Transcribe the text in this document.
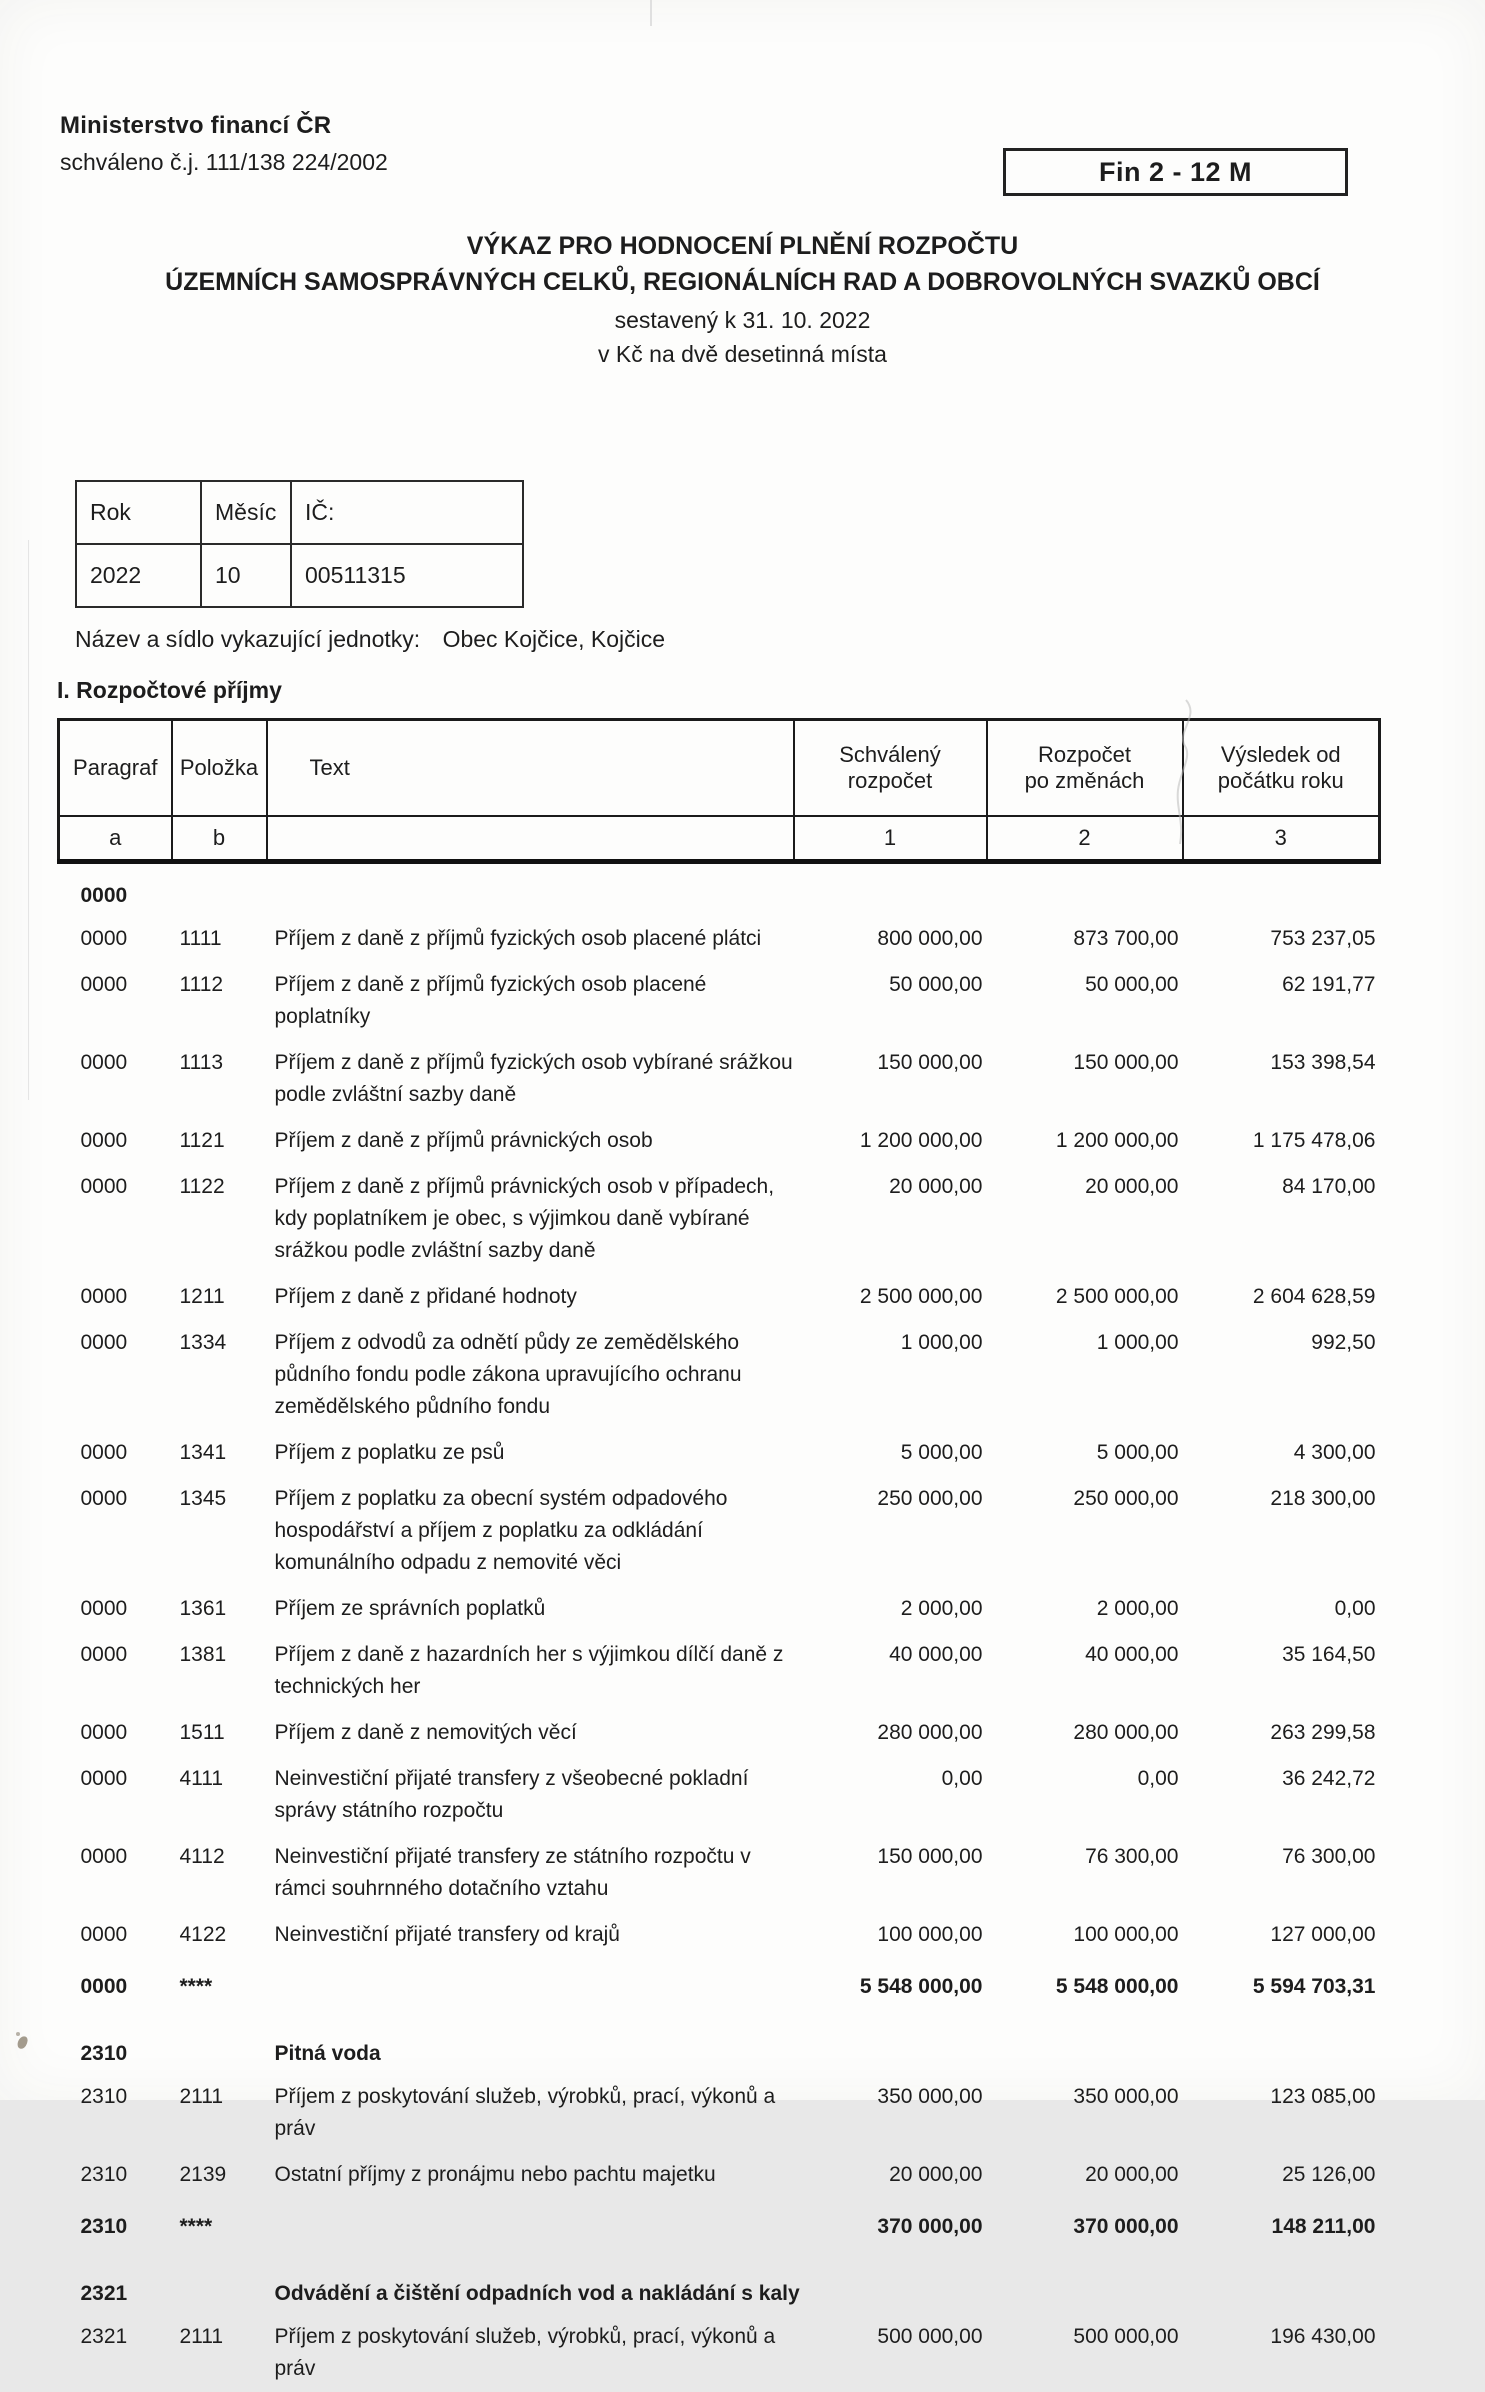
Ministerstvo financí ČR
schváleno č.j. 111/138 224/2002	Fin 2 - 12 M
VÝKAZ PRO HODNOCENÍ PLNĚNÍ ROZPOČTU
ÚZEMNÍCH SAMOSPRÁVNÝCH CELKŮ, REGIONÁLNÍCH RAD A DOBROVOLNÝCH SVAZKŮ OBCÍ
sestavený k 31. 10. 2022
v Kč na dvě desetinná místa
Rok	Měsíc	IČ:
2022	10	00511315
Název a sídlo vykazující jednotky: Obec Kojčice, Kojčice
I. Rozpočtové příjmy
Paragraf	Položka	Text	Schválený
rozpočet	Rozpočet
po změnách	Výsledek od
počátku roku
a	b		1	2	3
0000					
0000	1111	Příjem z daně z příjmů fyzických osob placené plátci	800 000,00	873 700,00	753 237,05
0000	1112	Příjem z daně z příjmů fyzických osob placené poplatníky	50 000,00	50 000,00	62 191,77
0000	1113	Příjem z daně z příjmů fyzických osob vybírané srážkou podle zvláštní sazby daně	150 000,00	150 000,00	153 398,54
0000	1121	Příjem z daně z příjmů právnických osob	1 200 000,00	1 200 000,00	1 175 478,06
0000	1122	Příjem z daně z příjmů právnických osob v případech, kdy poplatníkem je obec, s výjimkou daně vybírané srážkou podle zvláštní sazby daně	20 000,00	20 000,00	84 170,00
0000	1211	Příjem z daně z přidané hodnoty	2 500 000,00	2 500 000,00	2 604 628,59
0000	1334	Příjem z odvodů za odnětí půdy ze zemědělského půdního fondu podle zákona upravujícího ochranu zemědělského půdního fondu	1 000,00	1 000,00	992,50
0000	1341	Příjem z poplatku ze psů	5 000,00	5 000,00	4 300,00
0000	1345	Příjem z poplatku za obecní systém odpadového hospodářství a příjem z poplatku za odkládání komunálního odpadu z nemovité věci	250 000,00	250 000,00	218 300,00
0000	1361	Příjem ze správních poplatků	2 000,00	2 000,00	0,00
0000	1381	Příjem z daně z hazardních her s výjimkou dílčí daně z technických her	40 000,00	40 000,00	35 164,50
0000	1511	Příjem z daně z nemovitých věcí	280 000,00	280 000,00	263 299,58
0000	4111	Neinvestiční přijaté transfery z všeobecné pokladní správy státního rozpočtu	0,00	0,00	36 242,72
0000	4112	Neinvestiční přijaté transfery ze státního rozpočtu v rámci souhrnného dotačního vztahu	150 000,00	76 300,00	76 300,00
0000	4122	Neinvestiční přijaté transfery od krajů	100 000,00	100 000,00	127 000,00
0000	****		5 548 000,00	5 548 000,00	5 594 703,31
2310		Pitná voda			
2310	2111	Příjem z poskytování služeb, výrobků, prací, výkonů a práv	350 000,00	350 000,00	123 085,00
2310	2139	Ostatní příjmy z pronájmu nebo pachtu majetku	20 000,00	20 000,00	25 126,00
2310	****		370 000,00	370 000,00	148 211,00
2321		Odvádění a čištění odpadních vod a nakládání s kaly			
2321	2111	Příjem z poskytování služeb, výrobků, prací, výkonů a práv	500 000,00	500 000,00	196 430,00
